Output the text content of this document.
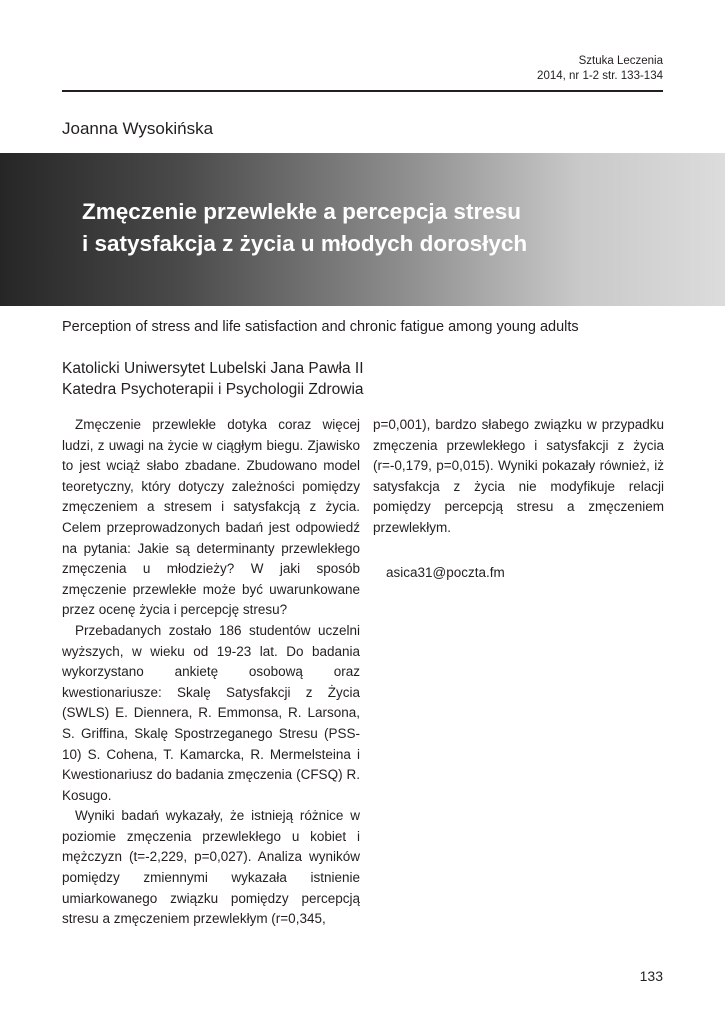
Sztuka Leczenia
2014, nr 1-2 str. 133-134
Joanna Wysokińska
Zmęczenie przewlekłe a percepcja stresu
i satysfakcja z życia u młodych dorosłych
Perception of stress and life satisfaction and chronic fatigue among young adults
Katolicki Uniwersytet Lubelski Jana Pawła II
Katedra Psychoterapii i Psychologii Zdrowia

Zmęczenie przewlekłe dotyka coraz więcej ludzi, z uwagi na życie w ciągłym biegu. Zjawisko to jest wciąż słabo zbadane. Zbudowano model teoretyczny, który dotyczy zależności pomiędzy zmęczeniem a stresem i satysfakcją z życia. Celem przeprowadzonych badań jest odpowiedź na pytania: Jakie są determinanty przewlekłego zmęczenia u młodzieży? W jaki sposób zmęczenie przewlekłe może być uwarunkowane przez ocenę życia i percepcję stresu?

Przebadanych zostało 186 studentów uczelni wyższych, w wieku od 19-23 lat. Do badania wykorzystano ankietę osobową oraz kwestionariusze: Skalę Satysfakcji z Życia (SWLS) E. Diennera, R. Emmonsa, R. Larsona, S. Griffina, Skalę Spostrzeganego Stresu (PSS-10) S. Cohena, T. Kamarcka, R. Mermelsteina i Kwestionariusz do badania zmęczenia (CFSQ) R. Kosugo.

Wyniki badań wykazały, że istnieją różnice w poziomie zmęczenia przewlekłego u kobiet i mężczyzn (t=-2,229, p=0,027). Analiza wyników pomiędzy zmiennymi wykazała istnienie umiarkowanego związku pomiędzy percepcją stresu a zmęczeniem przewlekłym (r=0,345,

p=0,001), bardzo słabego związku w przypadku zmęczenia przewlekłego i satysfakcji z życia (r=-0,179, p=0,015). Wyniki pokazały również, iż satysfakcja z życia nie modyfikuje relacji pomiędzy percepcją stresu a zmęczeniem przewlekłym.

asica31@poczta.fm
133
